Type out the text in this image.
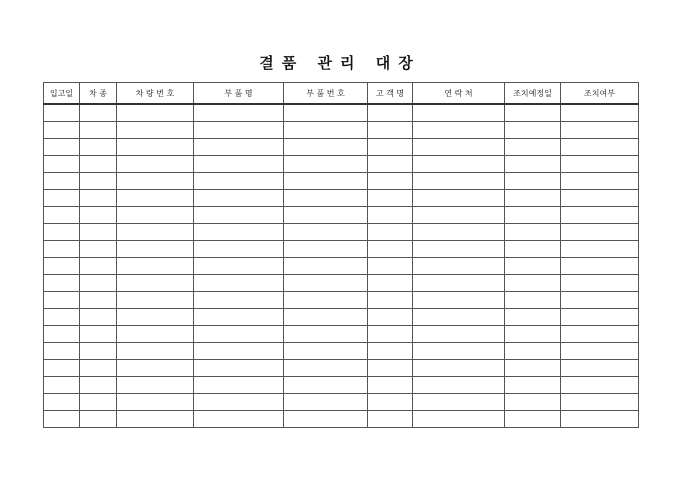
결품 관리 대장
입고일	차 종	차 량 번 호	부 품 명	부 품 번 호	고 객 명	연 락 처	조치예정일	조치여부
